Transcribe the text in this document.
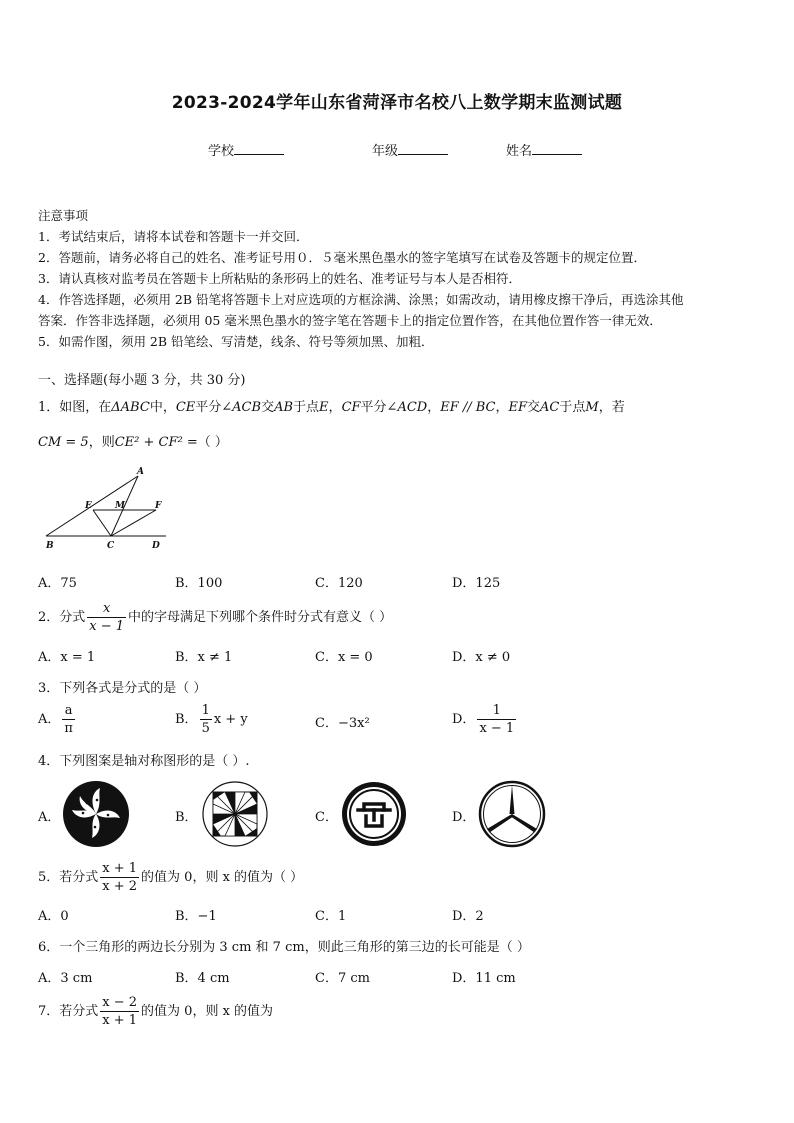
2023-2024学年山东省菏泽市名校八上数学期末监测试题
学校	年级	姓名
注意事项
1．考试结束后，请将本试卷和答题卡一并交回．
2．答题前，请务必将自己的姓名、准考证号用０．５毫米黑色墨水的签字笔填写在试卷及答题卡的规定位置．
3．请认真核对监考员在答题卡上所粘贴的条形码上的姓名、准考证号与本人是否相符．
4．作答选择题，必须用 2B 铅笔将答题卡上对应选项的方框涂满、涂黑；如需改动，请用橡皮擦干净后，再选涂其他
答案．作答非选择题，必须用 05 毫米黑色墨水的签字笔在答题卡上的指定位置作答，在其他位置作答一律无效．
5．如需作图，须用 2B 铅笔绘、写清楚，线条、符号等须加黑、加粗．
一、选择题(每小题 3 分，共 30 分)
1．如图，在ΔABC中，CE平分∠ACB交AB于点E，CF平分∠ACD，EF // BC，EF交AC于点M，若
CM = 5，则CE² + CF² =（ ）
A
E	M	F
B	C	D
A．75	B．100	C．120	D．125
2．分式 $\frac{x}{x - 1}$ 中的字母满足下列哪个条件时分式有意义（ ）
A．x = 1	B．x ≠ 1	C．x = 0	D．x ≠ 0
3．下列各式是分式的是（ ）
A． $\frac{a}{\pi}$	B． $\frac{1}{5}$ x + y	C．−3x²	D． $\frac{1}{x - 1}$
4．下列图案是轴对称图形的是（ ）.
A．	B．	C．	D．
5．若分式 $\frac{x + 1}{x + 2}$ 的值为 0，则 x 的值为（ ）
A．0	B．−1	C．1	D．2
6．一个三角形的两边长分别为 3 cm 和 7 cm，则此三角形的第三边的长可能是（ ）
A．3 cm	B．4 cm	C．7 cm	D．11 cm
7．若分式 $\frac{x - 2}{x + 1}$ 的值为 0，则 x 的值为
